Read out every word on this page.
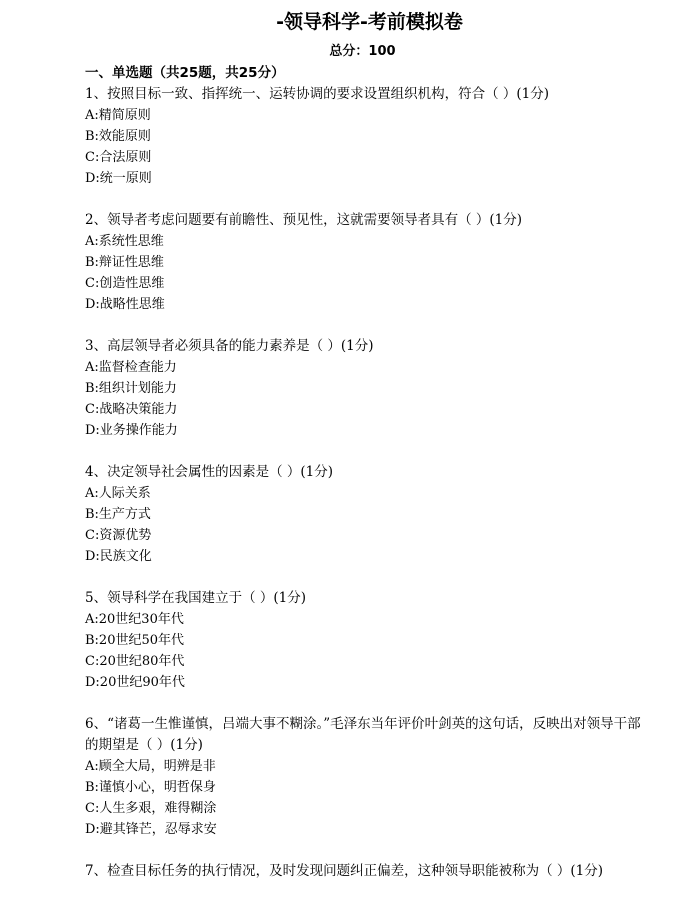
-领导科学-考前模拟卷
总分：100
一、单选题（共25题，共25分）

1、按照目标一致、指挥统一、运转协调的要求设置组织机构，符合（ ）(1分)

A:精简原则

B:效能原则

C:合法原则

D:统一原则

2、领导者考虑问题要有前瞻性、预见性，这就需要领导者具有（ ）(1分)

A:系统性思维

B:辩证性思维

C:创造性思维

D:战略性思维

3、高层领导者必须具备的能力素养是（ ）(1分)

A:监督检查能力

B:组织计划能力

C:战略决策能力

D:业务操作能力

4、决定领导社会属性的因素是（ ）(1分)

A:人际关系

B:生产方式

C:资源优势

D:民族文化

5、领导科学在我国建立于（ ）(1分)

A:20世纪30年代

B:20世纪50年代

C:20世纪80年代

D:20世纪90年代

6、“诸葛一生惟谨慎，吕端大事不糊涂。”毛泽东当年评价叶剑英的这句话，反映出对领导干部的期望是（ ）(1分)

A:顾全大局，明辨是非

B:谨慎小心，明哲保身

C:人生多艰，难得糊涂

D:避其锋芒，忍辱求安

7、检查目标任务的执行情况，及时发现问题纠正偏差，这种领导职能被称为（ ）(1分)
